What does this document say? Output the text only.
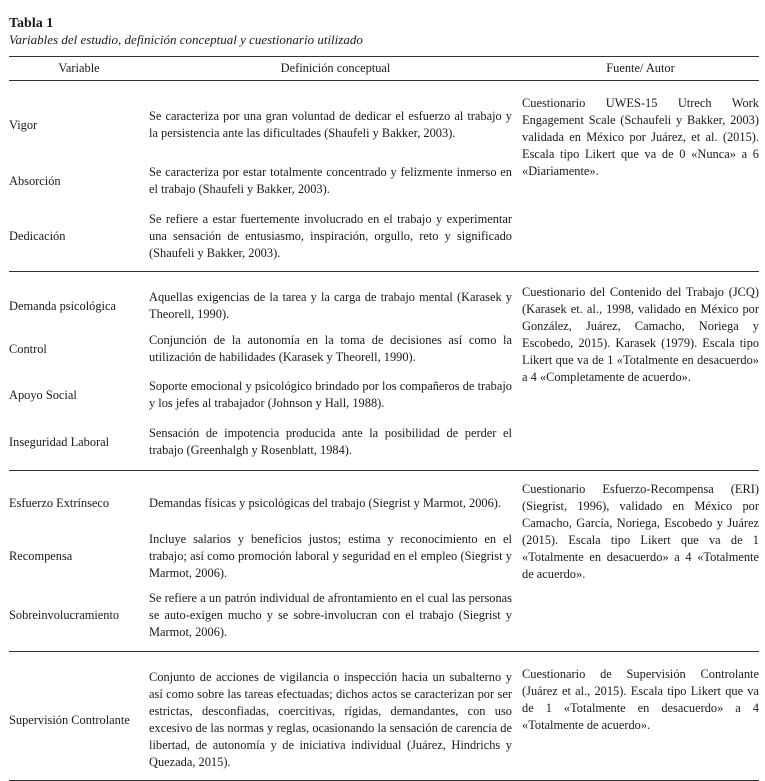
Tabla 1
Variables del estudio, definición conceptual y cuestionario utilizado
Variable	Definición conceptual	Fuente/ Autor
Vigor	Se caracteriza por una gran voluntad de dedicar el esfuerzo al trabajo y la persistencia ante las dificultades (Shaufeli y Bakker, 2003).	Cuestionario UWES-15 Utrech Work Engagement Scale (Schaufeli y Bakker, 2003) validada en México por Juárez, et al. (2015). Escala tipo Likert que va de 0 «Nunca» a 6 «Diariamente».
Absorción	Se caracteriza por estar totalmente concentrado y felizmente inmerso en el trabajo (Shaufeli y Bakker, 2003).	
Dedicación	Se refiere a estar fuertemente involucrado en el trabajo y experimentar una sensación de entusiasmo, inspiración, orgullo, reto y significado (Shaufeli y Bakker, 2003).	

Demanda psicológica	Aquellas exigencias de la tarea y la carga de trabajo mental (Karasek y Theorell, 1990).	Cuestionario del Contenido del Trabajo (JCQ) (Karasek et. al., 1998, validado en México por González, Juárez, Camacho, Noriega y Escobedo, 2015). Karasek (1979). Escala tipo Likert que va de 1 «Totalmente en desacuerdo» a 4 «Completamente de acuerdo».
Control	Conjunción de la autonomía en la toma de decisiones así como la utilización de habilidades (Karasek y Theorell, 1990).	
Apoyo Social	Soporte emocional y psicológico brindado por los compañeros de trabajo y los jefes al trabajador (Johnson y Hall, 1988).	
Inseguridad Laboral	Sensación de impotencia producida ante la posibilidad de perder el trabajo (Greenhalgh y Rosenblatt, 1984).	

Esfuerzo Extrínseco	Demandas físicas y psicológicas del trabajo (Siegrist y Marmot, 2006).	Cuestionario Esfuerzo-Recompensa (ERI) (Siegrist, 1996), validado en México por Camacho, García, Noriega, Escobedo y Juárez (2015). Escala tipo Likert que va de 1 «Totalmente en desacuerdo» a 4 «Totalmente de acuerdo».
Recompensa	Incluye salarios y beneficios justos; estima y reconocimiento en el trabajo; así como promoción laboral y seguridad en el empleo (Siegrist y Marmot, 2006).	
Sobreinvolucramiento	Se refiere a un patrón individual de afrontamiento en el cual las personas se auto-exigen mucho y se sobre-involucran con el trabajo (Siegrist y Marmot, 2006).	

Supervisión Controlante	Conjunto de acciones de vigilancia o inspección hacia un subalterno y así como sobre las tareas efectuadas; dichos actos se caracterizan por ser estrictas, desconfiadas, coercitivas, rígidas, demandantes, con uso excesivo de las normas y reglas, ocasionando la sensación de carencia de libertad, de autonomía y de iniciativa individual (Juárez, Hindrichs y Quezada, 2015).	Cuestionario de Supervisión Controlante (Juárez et al., 2015). Escala tipo Likert que va de 1 «Totalmente en desacuerdo» a 4 «Totalmente de acuerdo».
